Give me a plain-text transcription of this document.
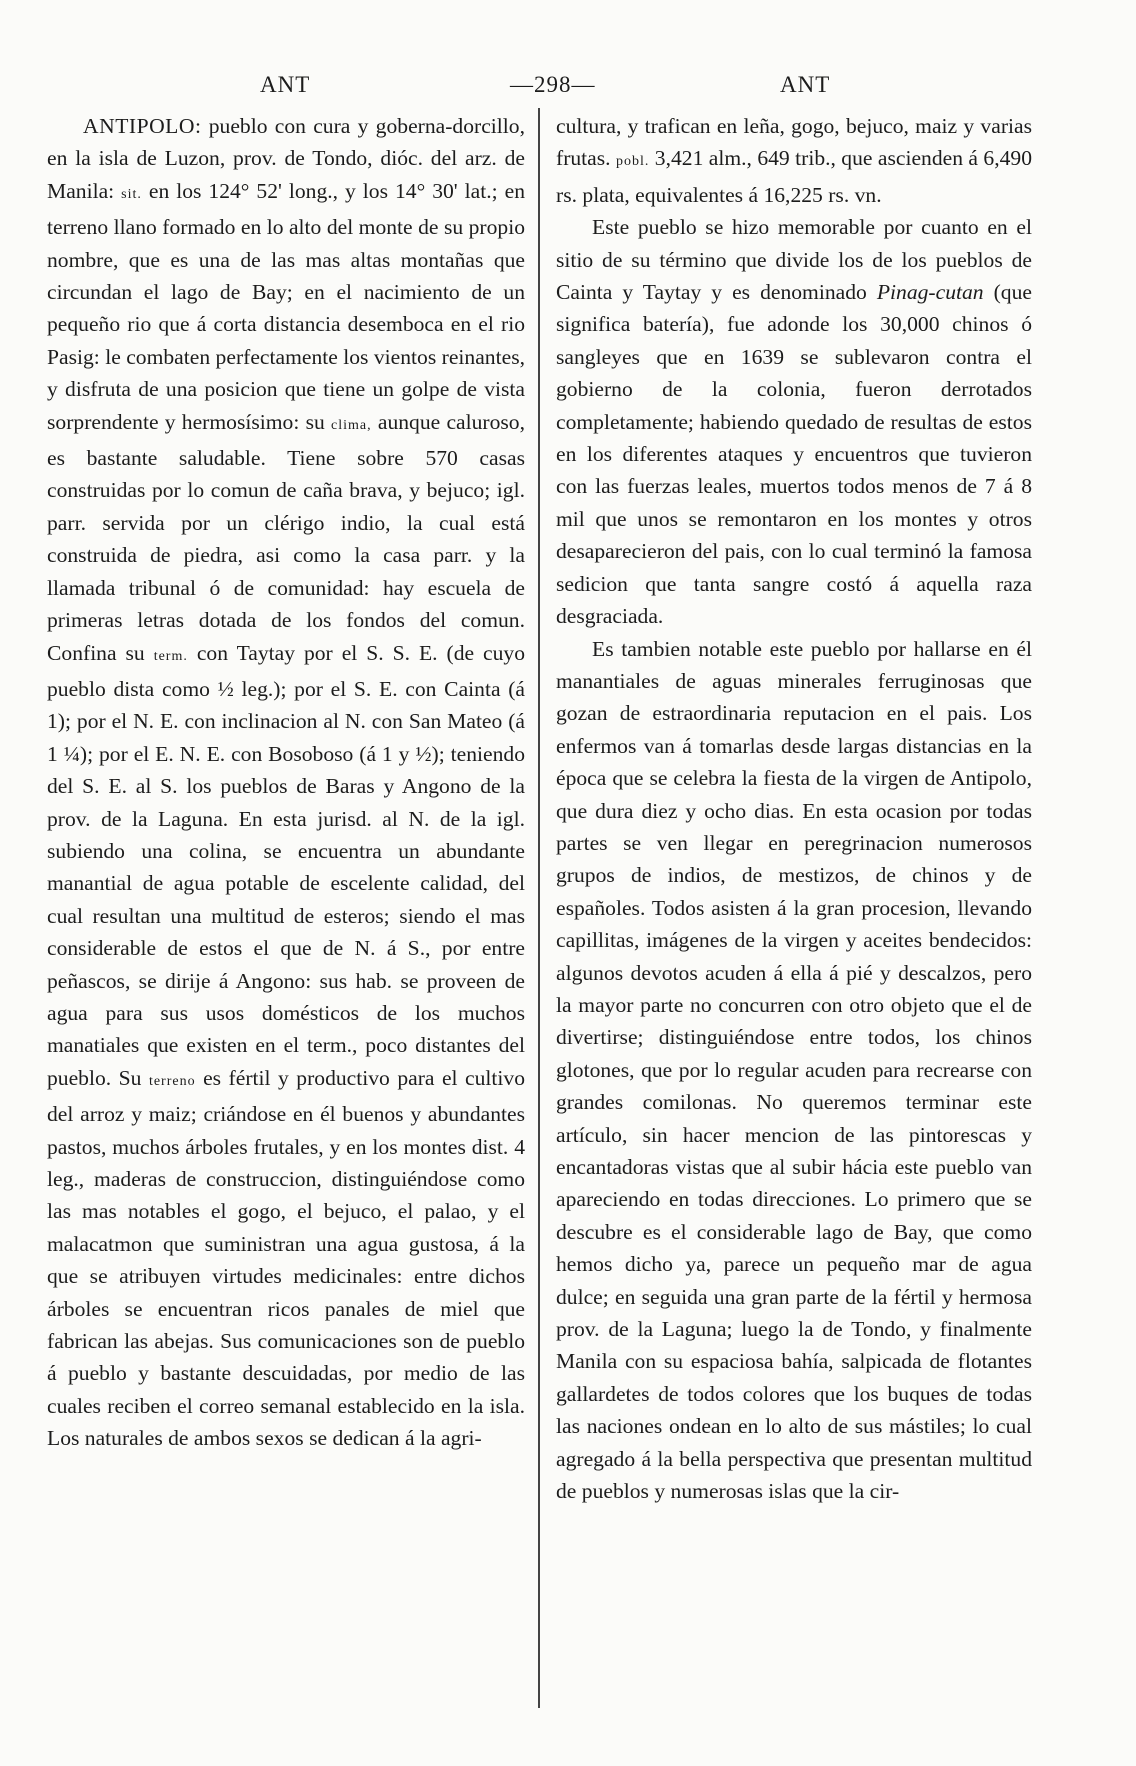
ANT	—298—	ANT

ANTIPOLO: pueblo con cura y goberna-dorcillo, en la isla de Luzon, prov. de Tondo, dióc. del arz. de Manila: sit. en los 124° 52' long., y los 14° 30' lat.; en terreno llano formado en lo alto del monte de su propio nombre, que es una de las mas altas montañas que circundan el lago de Bay; en el nacimiento de un pequeño rio que á corta distancia desemboca en el rio Pasig: le combaten perfectamente los vientos reinantes, y disfruta de una posicion que tiene un golpe de vista sorprendente y hermosísimo: su clima, aunque caluroso, es bastante saludable. Tiene sobre 570 casas construidas por lo comun de caña brava, y bejuco; igl. parr. servida por un clérigo indio, la cual está construida de piedra, asi como la casa parr. y la llamada tribunal ó de comunidad: hay escuela de primeras letras dotada de los fondos del comun. Confina su term. con Taytay por el S. S. E. (de cuyo pueblo dista como ½ leg.); por el S. E. con Cainta (á 1); por el N. E. con inclinacion al N. con San Mateo (á 1 ¼); por el E. N. E. con Bosoboso (á 1 y ½); teniendo del S. E. al S. los pueblos de Baras y Angono de la prov. de la Laguna. En esta jurisd. al N. de la igl. subiendo una colina, se encuentra un abundante manantial de agua potable de escelente calidad, del cual resultan una multitud de esteros; siendo el mas considerable de estos el que de N. á S., por entre peñascos, se dirije á Angono: sus hab. se proveen de agua para sus usos domésticos de los muchos manatiales que existen en el term., poco distantes del pueblo. Su terreno es fértil y productivo para el cultivo del arroz y maiz; criándose en él buenos y abundantes pastos, muchos árboles frutales, y en los montes dist. 4 leg., maderas de construccion, distinguiéndose como las mas notables el gogo, el bejuco, el palao, y el malacatmon que suministran una agua gustosa, á la que se atribuyen virtudes medicinales: entre dichos árboles se encuentran ricos panales de miel que fabrican las abejas. Sus comunicaciones son de pueblo á pueblo y bastante descuidadas, por medio de las cuales reciben el correo semanal establecido en la isla. Los naturales de ambos sexos se dedican á la agri-

cultura, y trafican en leña, gogo, bejuco, maiz y varias frutas. pobl. 3,421 alm., 649 trib., que ascienden á 6,490 rs. plata, equivalentes á 16,225 rs. vn.

Este pueblo se hizo memorable por cuanto en el sitio de su término que divide los de los pueblos de Cainta y Taytay y es denominado Pinag-cutan (que significa batería), fue adonde los 30,000 chinos ó sangleyes que en 1639 se sublevaron contra el gobierno de la colonia, fueron derrotados completamente; habiendo quedado de resultas de estos en los diferentes ataques y encuentros que tuvieron con las fuerzas leales, muertos todos menos de 7 á 8 mil que unos se remontaron en los montes y otros desaparecieron del pais, con lo cual terminó la famosa sedicion que tanta sangre costó á aquella raza desgraciada.

Es tambien notable este pueblo por hallarse en él manantiales de aguas minerales ferruginosas que gozan de estraordinaria reputacion en el pais. Los enfermos van á tomarlas desde largas distancias en la época que se celebra la fiesta de la virgen de Antipolo, que dura diez y ocho dias. En esta ocasion por todas partes se ven llegar en peregrinacion numerosos grupos de indios, de mestizos, de chinos y de españoles. Todos asisten á la gran procesion, llevando capillitas, imágenes de la virgen y aceites bendecidos: algunos devotos acuden á ella á pié y descalzos, pero la mayor parte no concurren con otro objeto que el de divertirse; distinguiéndose entre todos, los chinos glotones, que por lo regular acuden para recrearse con grandes comilonas. No queremos terminar este artículo, sin hacer mencion de las pintorescas y encantadoras vistas que al subir hácia este pueblo van apareciendo en todas direcciones. Lo primero que se descubre es el considerable lago de Bay, que como hemos dicho ya, parece un pequeño mar de agua dulce; en seguida una gran parte de la fértil y hermosa prov. de la Laguna; luego la de Tondo, y finalmente Manila con su espaciosa bahía, salpicada de flotantes gallardetes de todos colores que los buques de todas las naciones ondean en lo alto de sus mástiles; lo cual agregado á la bella perspectiva que presentan multitud de pueblos y numerosas islas que la cir-
